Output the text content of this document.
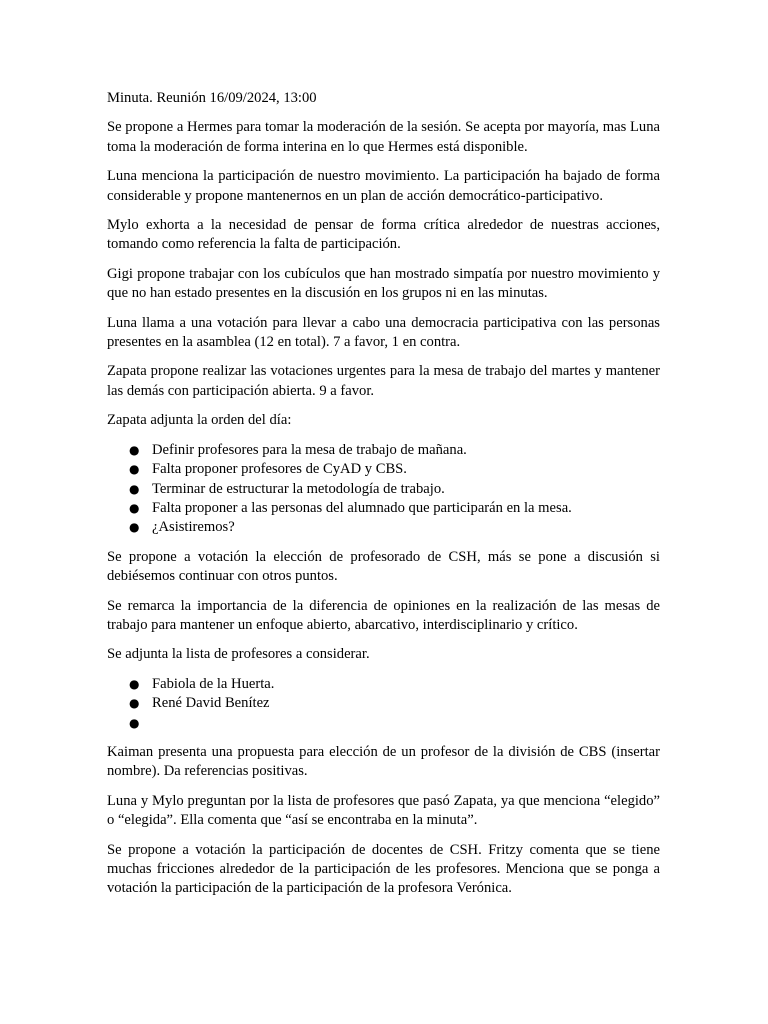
Minuta. Reunión 16/09/2024, 13:00

Se propone a Hermes para tomar la moderación de la sesión. Se acepta por mayoría, mas Luna toma la moderación de forma interina en lo que Hermes está disponible.

Luna menciona la participación de nuestro movimiento. La participación ha bajado de forma considerable y propone mantenernos en un plan de acción democrático-participativo.

Mylo exhorta a la necesidad de pensar de forma crítica alrededor de nuestras acciones, tomando como referencia la falta de participación.

Gigi propone trabajar con los cubículos que han mostrado simpatía por nuestro movimiento y que no han estado presentes en la discusión en los grupos ni en las minutas.

Luna llama a una votación para llevar a cabo una democracia participativa con las personas presentes en la asamblea (12 en total). 7 a favor, 1 en contra.

Zapata propone realizar las votaciones urgentes para la mesa de trabajo del martes y mantener las demás con participación abierta. 9 a favor.

Zapata adjunta la orden del día:

● Definir profesores para la mesa de trabajo de mañana.
● Falta proponer profesores de CyAD y CBS.
● Terminar de estructurar la metodología de trabajo.
● Falta proponer a las personas del alumnado que participarán en la mesa.
● ¿Asistiremos?

Se propone a votación la elección de profesorado de CSH, más se pone a discusión si debiésemos continuar con otros puntos.

Se remarca la importancia de la diferencia de opiniones en la realización de las mesas de trabajo para mantener un enfoque abierto, abarcativo, interdisciplinario y crítico.

Se adjunta la lista de profesores a considerar.

● Fabiola de la Huerta.
● René David Benítez
●

Kaiman presenta una propuesta para elección de un profesor de la división de CBS (insertar nombre). Da referencias positivas.

Luna y Mylo preguntan por la lista de profesores que pasó Zapata, ya que menciona “elegido” o “elegida”. Ella comenta que “así se encontraba en la minuta”.

Se propone a votación la participación de docentes de CSH. Fritzy comenta que se tiene muchas fricciones alrededor de la participación de les profesores. Menciona que se ponga a votación la participación de la participación de la profesora Verónica.
